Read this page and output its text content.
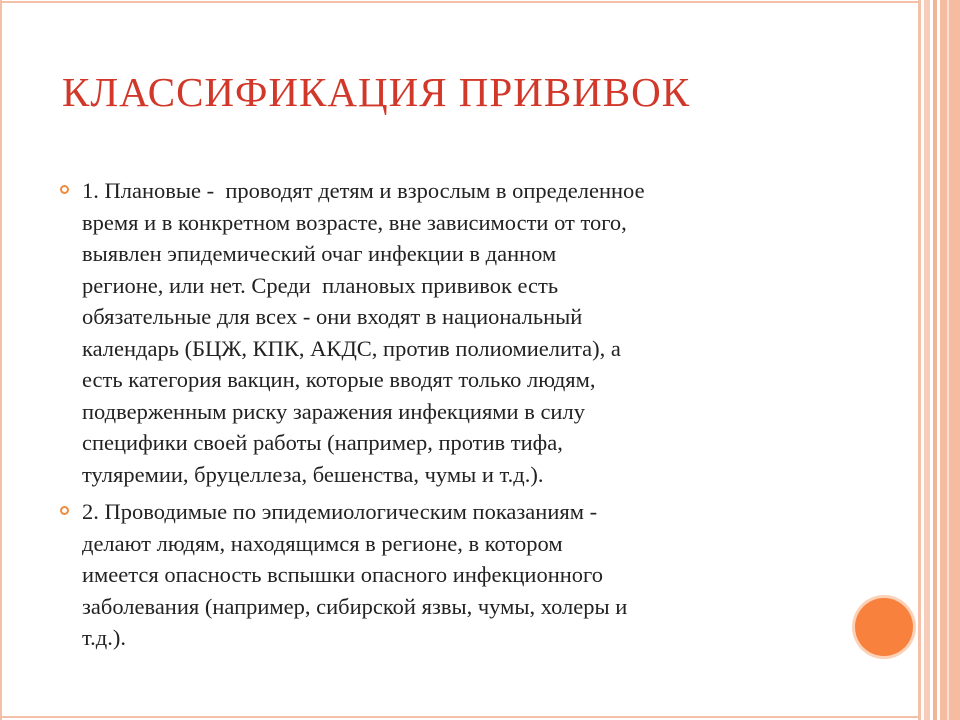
КЛАССИФИКАЦИЯ ПРИВИВОК
1. Плановые -  проводят детям и взрослым в определенное
время и в конкретном возрасте, вне зависимости от того,
выявлен эпидемический очаг инфекции в данном
регионе, или нет. Среди  плановых прививок есть
обязательные для всех - они входят в национальный
календарь (БЦЖ, КПК, АКДС, против полиомиелита), а
есть категория вакцин, которые вводят только людям,
подверженным риску заражения инфекциями в силу
специфики своей работы (например, против тифа,
туляремии, бруцеллеза, бешенства, чумы и т.д.).
2. Проводимые по эпидемиологическим показаниям -
делают людям, находящимся в регионе, в котором
имеется опасность вспышки опасного инфекционного
заболевания (например, сибирской язвы, чумы, холеры и
т.д.).
